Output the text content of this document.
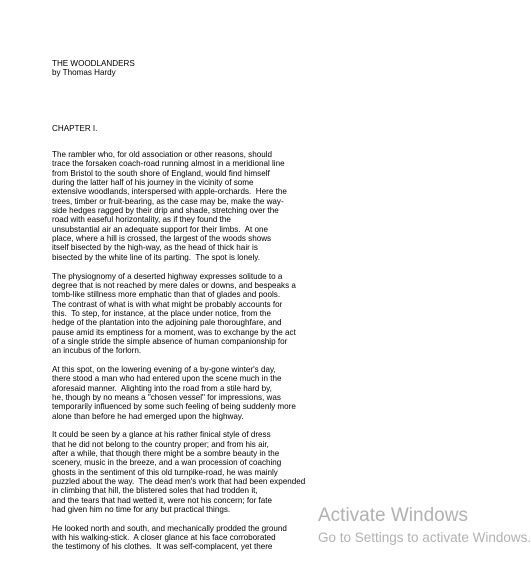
THE WOODLANDERS
by Thomas Hardy
CHAPTER I.
The rambler who, for old association or other reasons, should
trace the forsaken coach-road running almost in a meridional line
from Bristol to the south shore of England, would find himself
during the latter half of his journey in the vicinity of some
extensive woodlands, interspersed with apple-orchards.  Here the
trees, timber or fruit-bearing, as the case may be, make the way-
side hedges ragged by their drip and shade, stretching over the
road with easeful horizontality, as if they found the
unsubstantial air an adequate support for their limbs.  At one
place, where a hill is crossed, the largest of the woods shows
itself bisected by the high-way, as the head of thick hair is
bisected by the white line of its parting.  The spot is lonely.
The physiognomy of a deserted highway expresses solitude to a
degree that is not reached by mere dales or downs, and bespeaks a
tomb-like stillness more emphatic than that of glades and pools.
The contrast of what is with what might be probably accounts for
this.  To step, for instance, at the place under notice, from the
hedge of the plantation into the adjoining pale thoroughfare, and
pause amid its emptiness for a moment, was to exchange by the act
of a single stride the simple absence of human companionship for
an incubus of the forlorn.
At this spot, on the lowering evening of a by-gone winter's day,
there stood a man who had entered upon the scene much in the
aforesaid manner.  Alighting into the road from a stile hard by,
he, though by no means a "chosen vessel" for impressions, was
temporarily influenced by some such feeling of being suddenly more
alone than before he had emerged upon the highway.
It could be seen by a glance at his rather finical style of dress
that he did not belong to the country proper; and from his air,
after a while, that though there might be a sombre beauty in the
scenery, music in the breeze, and a wan procession of coaching
ghosts in the sentiment of this old turnpike-road, he was mainly
puzzled about the way.  The dead men's work that had been expended
in climbing that hill, the blistered soles that had trodden it,
and the tears that had wetted it, were not his concern; for fate
had given him no time for any but practical things.
He looked north and south, and mechanically prodded the ground
with his walking-stick.  A closer glance at his face corroborated
the testimony of his clothes.  It was self-complacent, yet there
Activate Windows
Go to Settings to activate Windows.
